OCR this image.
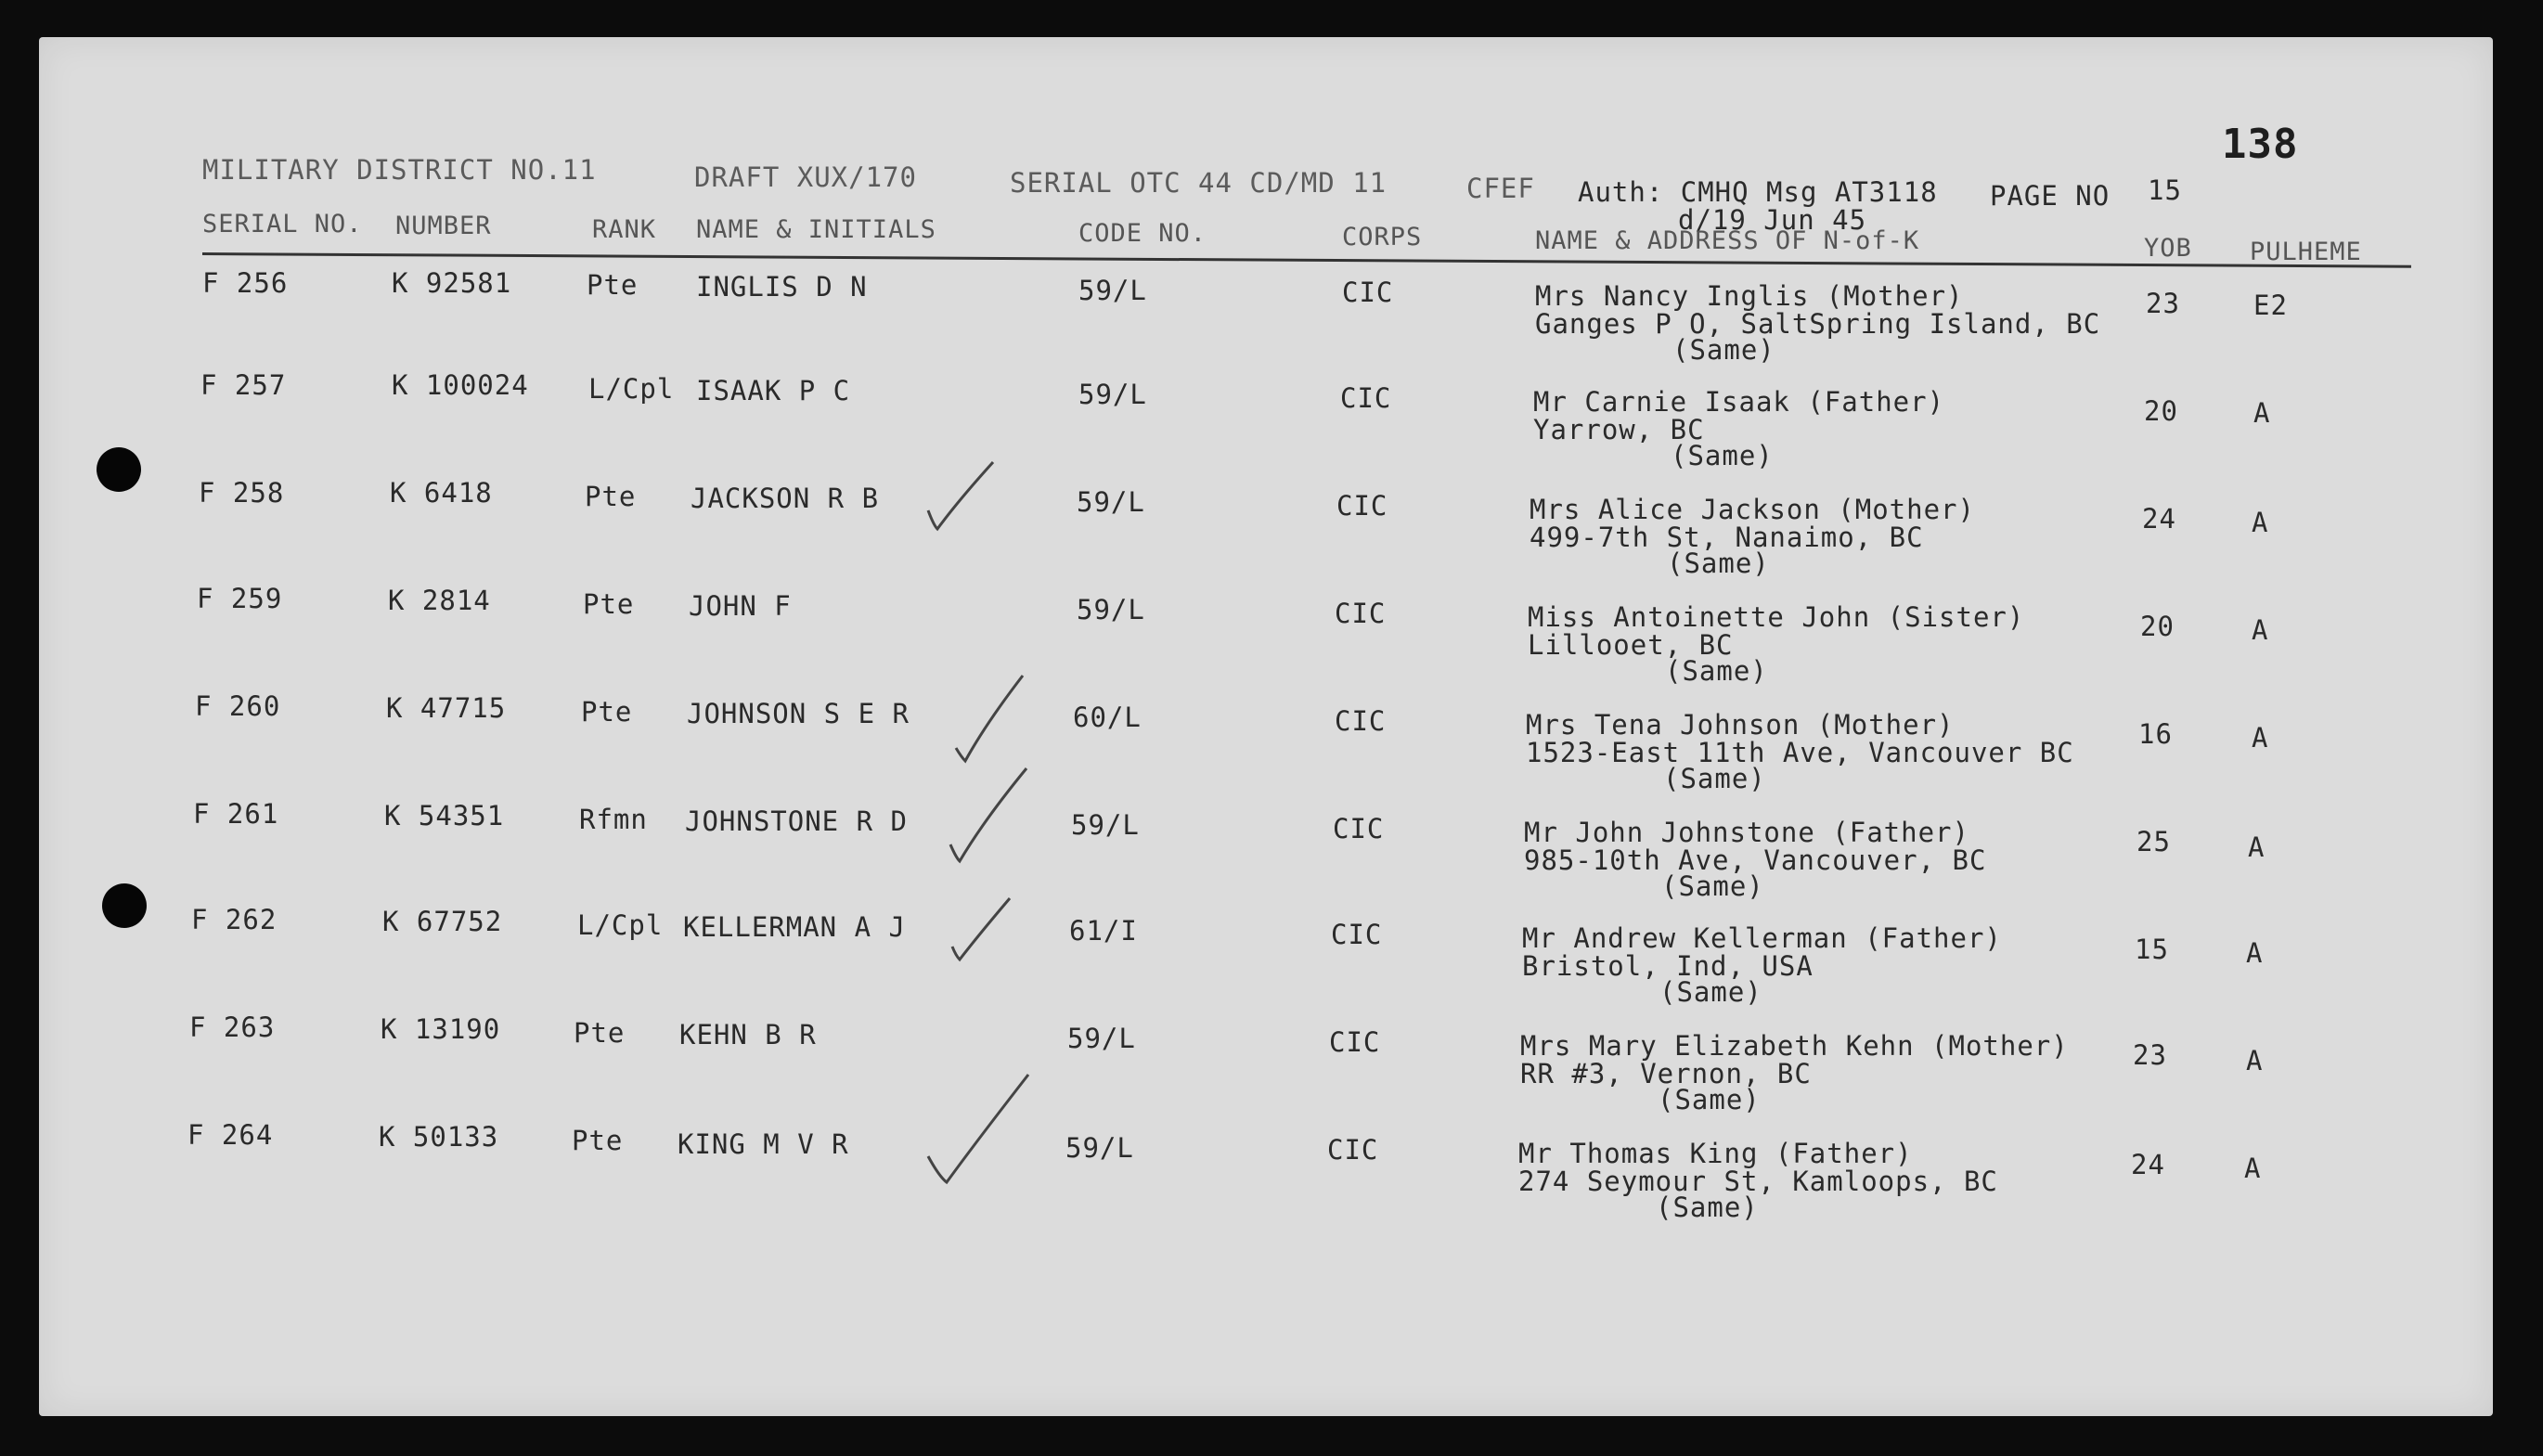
MILITARY DISTRICT NO.11	DRAFT XUX/170	SERIAL OTC 44 CD/MD 11	CFEF Auth: CMHQ Msg AT3118
d/19 Jun 45
PAGE NO 15
138
SERIAL NO. NUMBER	RANK NAME & INITIALS	CODE NO.	CORPS	NAME & ADDRESS OF N-of-K	YOB PULHEME
F 256	K 92581	Pte INGLIS D N	59/L	CIC	Mrs Nancy Inglis (Mother)
Ganges P O, SaltSpring Island, BC
(Same)
23	E2
F 257	K 100024 L/Cpl ISAAK P C	59/L	CIC	Mr Carnie Isaak (Father)
Yarrow, BC
(Same)
20	A
F 258	K 6418	Pte JACKSON R B	59/L	CIC	Mrs Alice Jackson (Mother)
499-7th St, Nanaimo, BC
(Same)
24	A
F 259	K 2814	Pte JOHN F	59/L	CIC	Miss Antoinette John (Sister)
Lillooet, BC
(Same)
20	A
F 260	K 47715	Pte JOHNSON S E R	60/L	CIC	Mrs Tena Johnson (Mother)
1523-East 11th Ave, Vancouver BC
(Same)
16	A
F 261	K 54351	Rfmn JOHNSTONE R D	59/L	CIC	Mr John Johnstone (Father)
985-10th Ave, Vancouver, BC
(Same)
25	A
F 262	K 67752	L/Cpl KELLERMAN A J	61/I	CIC	Mr Andrew Kellerman (Father)
Bristol, Ind, USA
(Same)
15	A
F 263	K 13190	Pte KEHN B R	59/L	CIC	Mrs Mary Elizabeth Kehn (Mother)
RR #3, Vernon, BC
(Same)
23	A
F 264	K 50133	Pte KING M V R	59/L	CIC	Mr Thomas King (Father)
274 Seymour St, Kamloops, BC
(Same)
24	A
